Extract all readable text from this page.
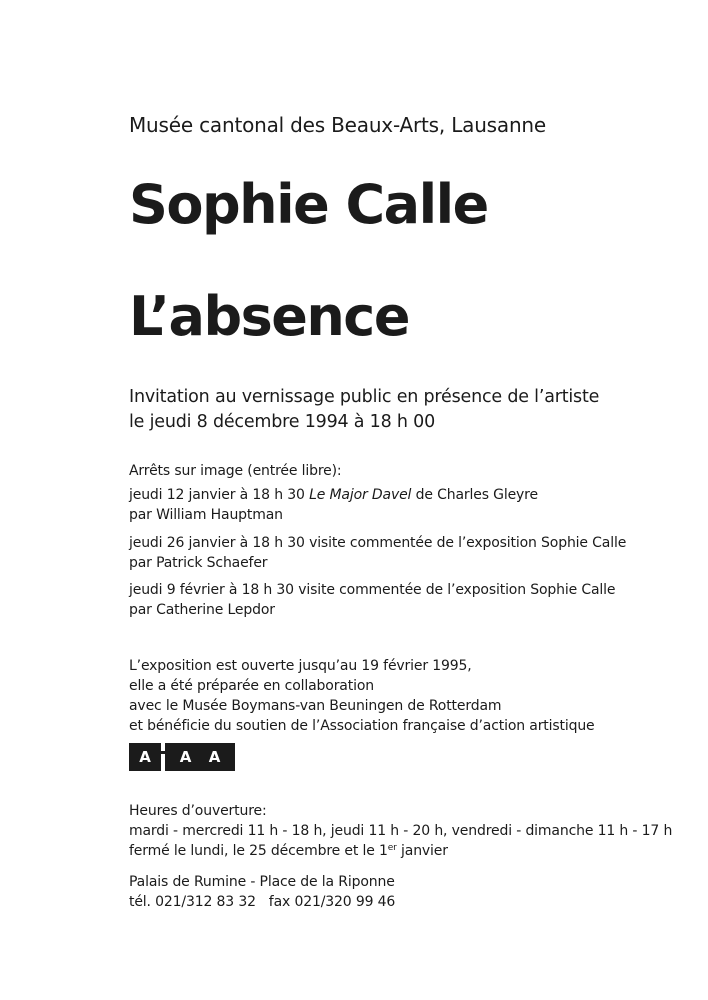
Musée cantonal des Beaux-Arts, Lausanne
Sophie Calle
L’absence
Invitation au vernissage public en présence de l’artiste
le jeudi 8 décembre 1994 à 18 h 00
Arrêts sur image (entrée libre):
jeudi 12 janvier à 18 h 30 Le Major Davel de Charles Gleyre
par William Hauptman
jeudi 26 janvier à 18 h 30 visite commentée de l’exposition Sophie Calle
par Patrick Schaefer
jeudi 9 février à 18 h 30 visite commentée de l’exposition Sophie Calle
par Catherine Lepdor
L’exposition est ouverte jusqu’au 19 février 1995,
elle a été préparée en collaboration
avec le Musée Boymans-van Beuningen de Rotterdam
et bénéficie du soutien de l’Association française d’action artistique
A	A A
Heures d’ouverture:
mardi - mercredi 11 h - 18 h, jeudi 11 h - 20 h, vendredi - dimanche 11 h - 17 h
fermé le lundi, le 25 décembre et le 1er janvier
Palais de Rumine - Place de la Riponne
tél. 021/312 83 32 fax 021/320 99 46
